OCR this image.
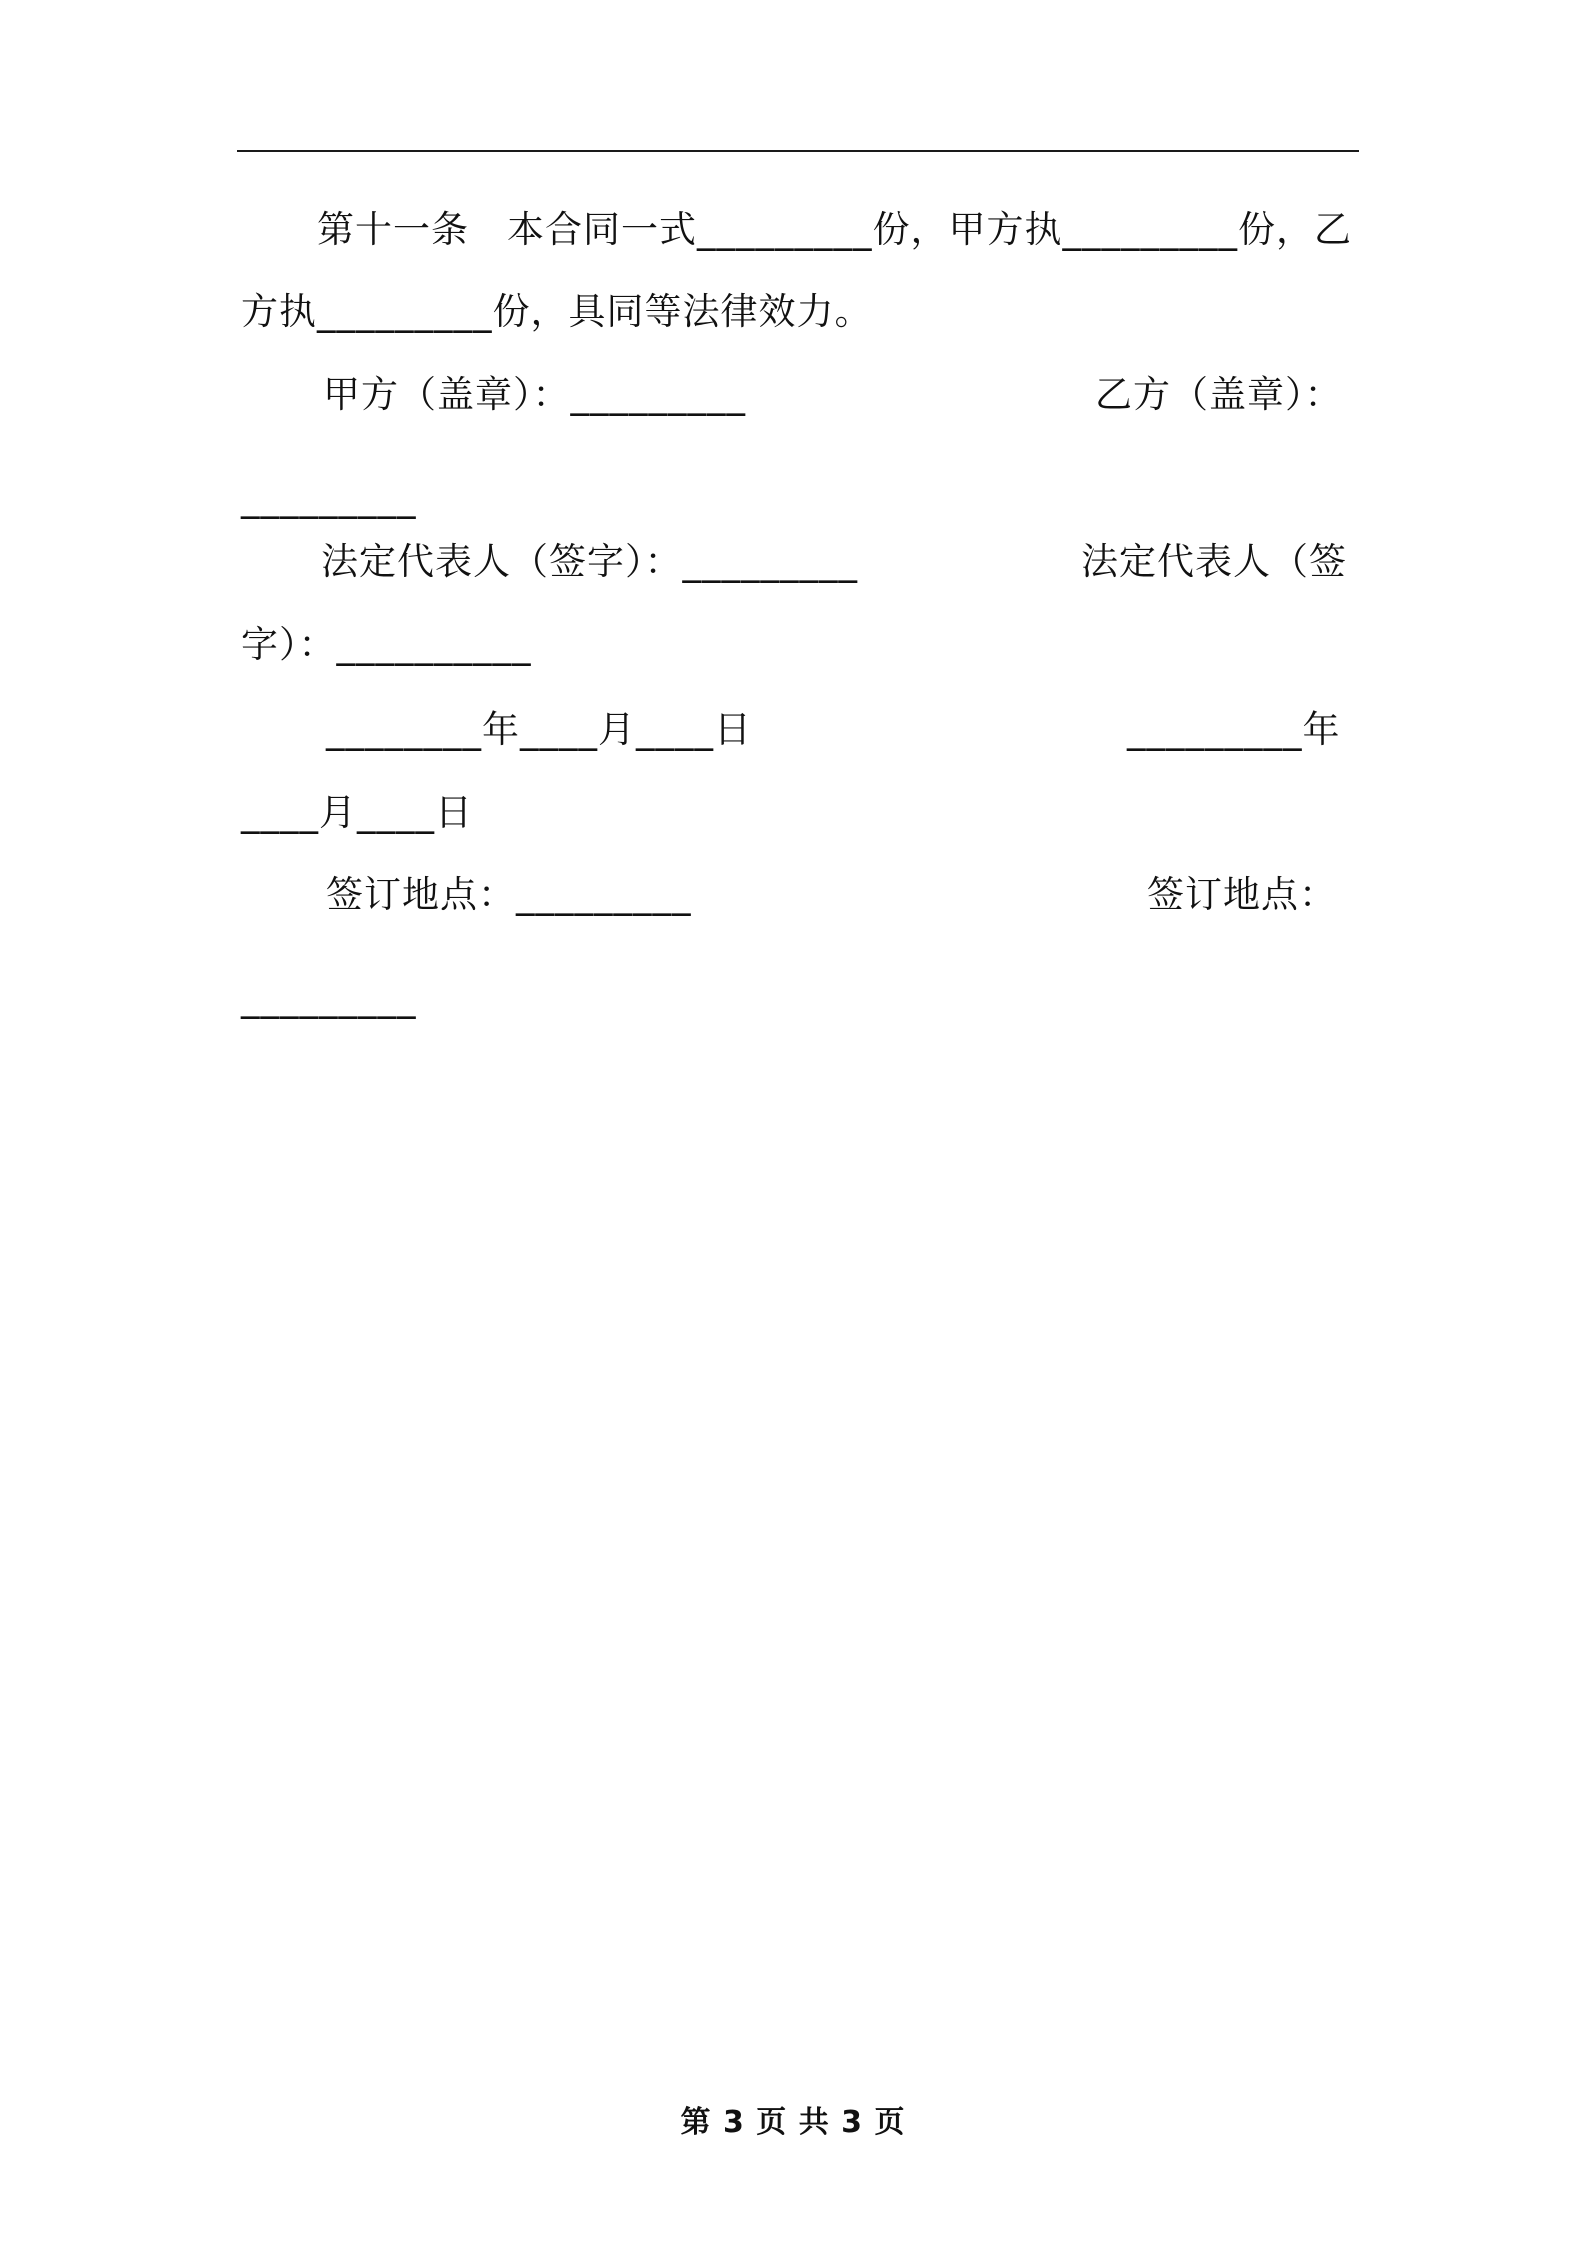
第十一条　本合同一式_________份，甲方执_________份，乙
方执_________份，具同等法律效力。
甲方（盖章）：_________	乙方（盖章）：
_________
法定代表人（签字）：_________	法定代表人（签
字）：__________
________年____月____日	_________年
____月____日
签订地点：_________	签订地点：
_________
第 3 页 共 3 页
